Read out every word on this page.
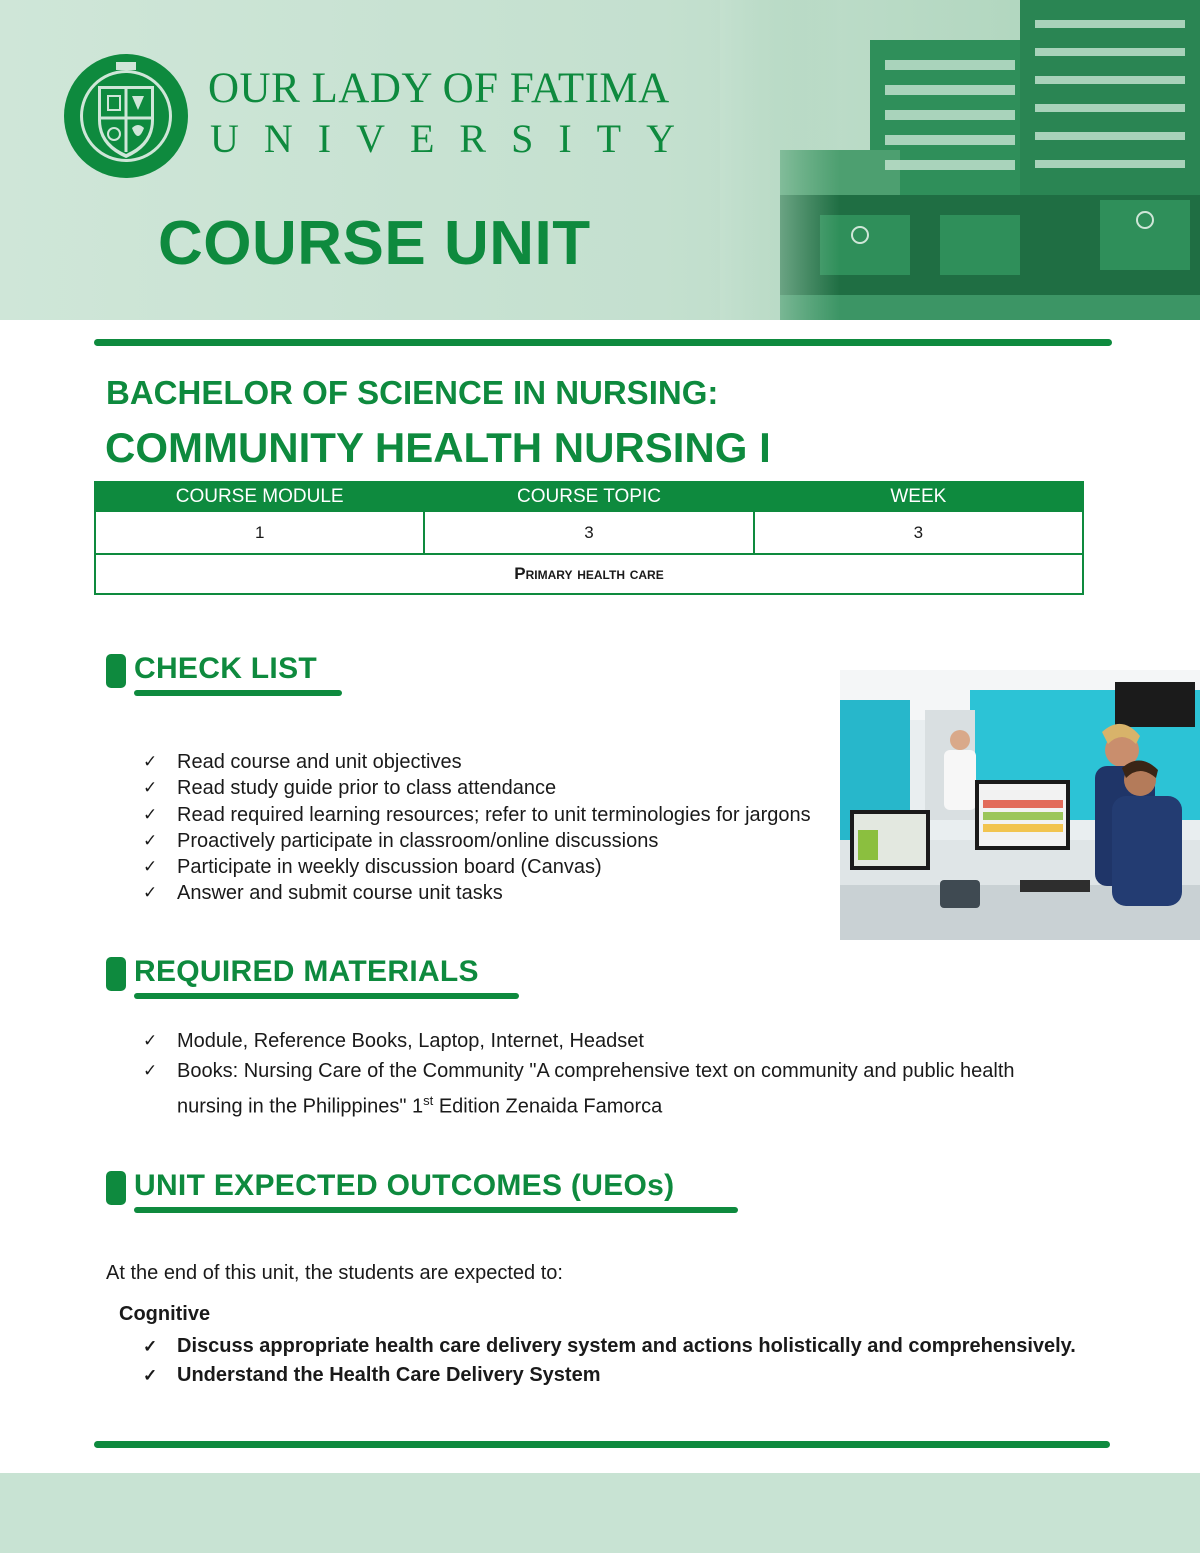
OUR LADY OF FATIMA
UNIVERSITY
COURSE UNIT
BACHELOR OF SCIENCE IN NURSING:
COMMUNITY HEALTH NURSING I
COURSE MODULE	COURSE TOPIC	WEEK
1	3	3
Primary health care		
CHECK LIST
✓ Read course and unit objectives
✓ Read study guide prior to class attendance
✓ Read required learning resources; refer to unit terminologies for jargons
✓ Proactively participate in classroom/online discussions
✓ Participate in weekly discussion board (Canvas)
✓ Answer and submit course unit tasks
REQUIRED MATERIALS
✓ Module, Reference Books, Laptop, Internet, Headset
✓ Books: Nursing Care of the Community "A comprehensive text on community and public health nursing in the Philippines" 1st Edition Zenaida Famorca
UNIT EXPECTED OUTCOMES (UEOs)
At the end of this unit, the students are expected to:
Cognitive
✓ Discuss appropriate health care delivery system and actions holistically and comprehensively.
✓ Understand the Health Care Delivery System
